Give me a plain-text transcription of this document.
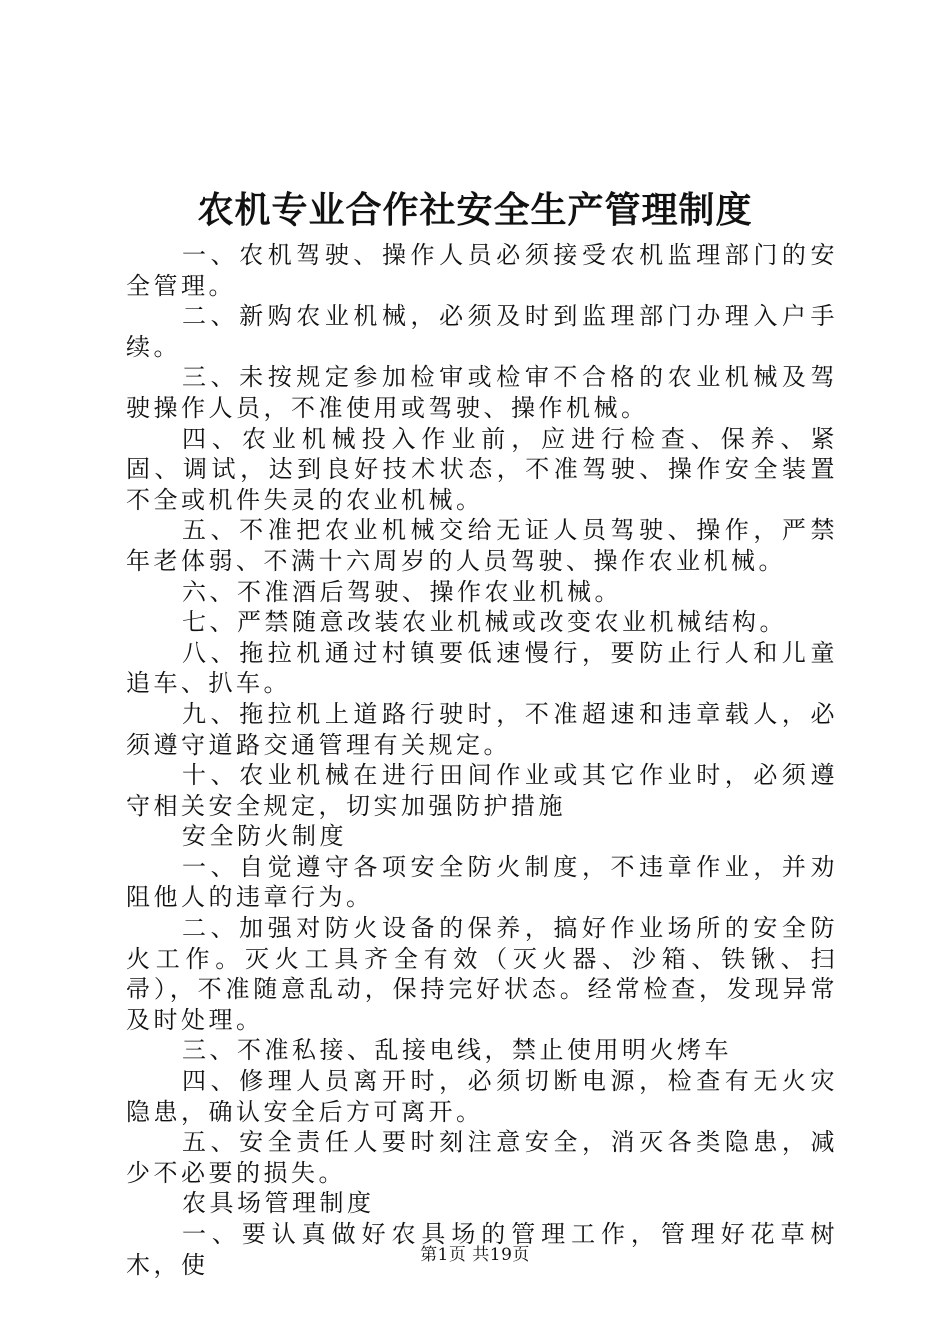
农机专业合作社安全生产管理制度

一、农机驾驶、操作人员必须接受农机监理部门的安全管理。

二、新购农业机械，必须及时到监理部门办理入户手续。

三、未按规定参加检审或检审不合格的农业机械及驾驶操作人员，不准使用或驾驶、操作机械。

四、农业机械投入作业前，应进行检查、保养、紧固、调试，达到良好技术状态，不准驾驶、操作安全装置不全或机件失灵的农业机械。

五、不准把农业机械交给无证人员驾驶、操作，严禁年老体弱、不满十六周岁的人员驾驶、操作农业机械。

六、不准酒后驾驶、操作农业机械。

七、严禁随意改装农业机械或改变农业机械结构。

八、拖拉机通过村镇要低速慢行，要防止行人和儿童追车、扒车。

九、拖拉机上道路行驶时，不准超速和违章载人，必须遵守道路交通管理有关规定。

十、农业机械在进行田间作业或其它作业时，必须遵守相关安全规定，切实加强防护措施

安全防火制度

一、自觉遵守各项安全防火制度，不违章作业，并劝阻他人的违章行为。

二、加强对防火设备的保养，搞好作业场所的安全防火工作。灭火工具齐全有效（灭火器、沙箱、铁锹、扫帚），不准随意乱动，保持完好状态。经常检查，发现异常及时处理。

三、不准私接、乱接电线，禁止使用明火烤车

四、修理人员离开时，必须切断电源，检查有无火灾隐患，确认安全后方可离开。

五、安全责任人要时刻注意安全，消灭各类隐患，减少不必要的损失。

农具场管理制度

一、要认真做好农具场的管理工作，管理好花草树木，使	第1页 共19页
